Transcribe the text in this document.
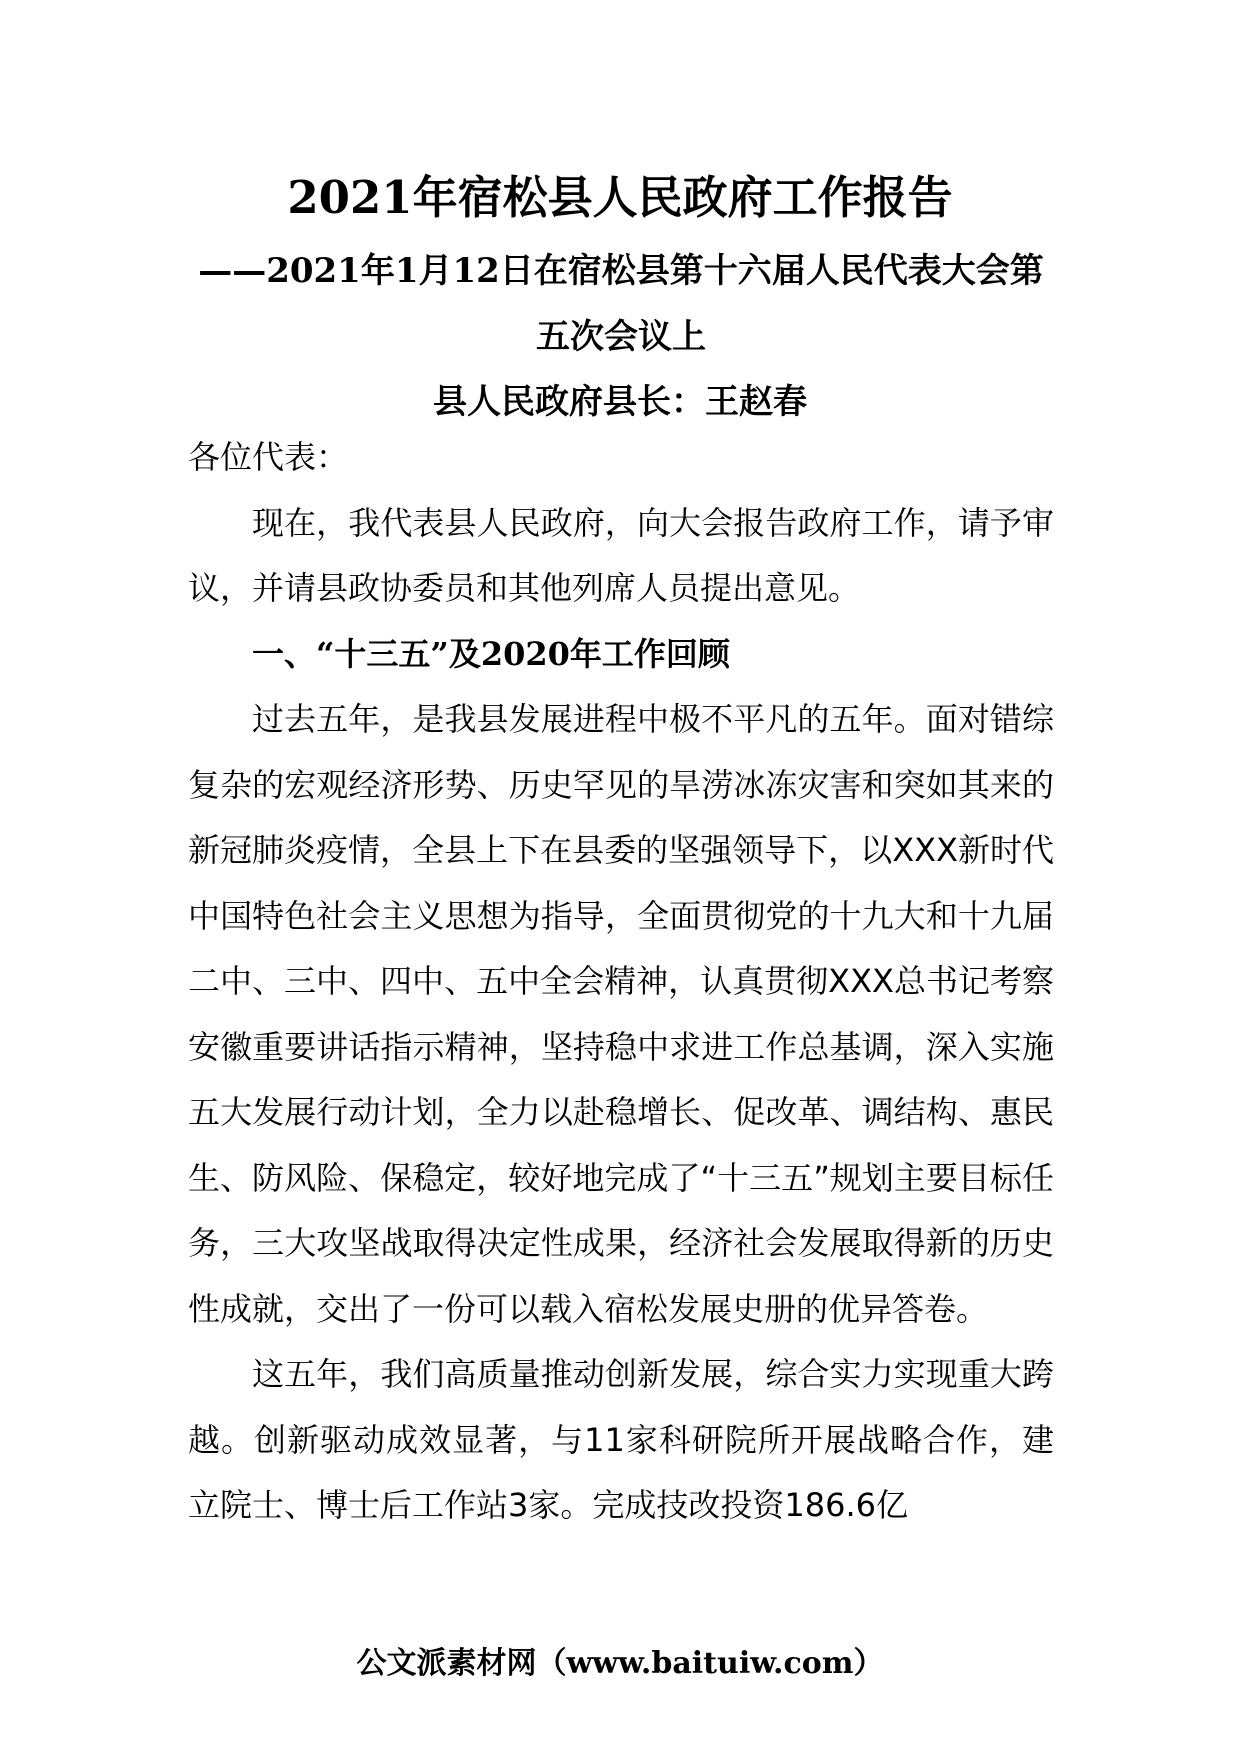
2021年宿松县人民政府工作报告
——2021年1月12日在宿松县第十六届人民代表大会第五次会议上
县人民政府县长：王赵春

各位代表：

现在，我代表县人民政府，向大会报告政府工作，请予审议，并请县政协委员和其他列席人员提出意见。

一、“十三五”及2020年工作回顾

过去五年，是我县发展进程中极不平凡的五年。面对错综复杂的宏观经济形势、历史罕见的旱涝冰冻灾害和突如其来的新冠肺炎疫情，全县上下在县委的坚强领导下，以XXX新时代中国特色社会主义思想为指导，全面贯彻党的十九大和十九届二中、三中、四中、五中全会精神，认真贯彻XXX总书记考察安徽重要讲话指示精神，坚持稳中求进工作总基调，深入实施五大发展行动计划，全力以赴稳增长、促改革、调结构、惠民生、防风险、保稳定，较好地完成了“十三五”规划主要目标任务，三大攻坚战取得决定性成果，经济社会发展取得新的历史性成就，交出了一份可以载入宿松发展史册的优异答卷。

这五年，我们高质量推动创新发展，综合实力实现重大跨越。创新驱动成效显著，与11家科研院所开展战略合作，建立院士、博士后工作站3家。完成技改投资186.6亿

公文派素材网（www.baituiw.com）
